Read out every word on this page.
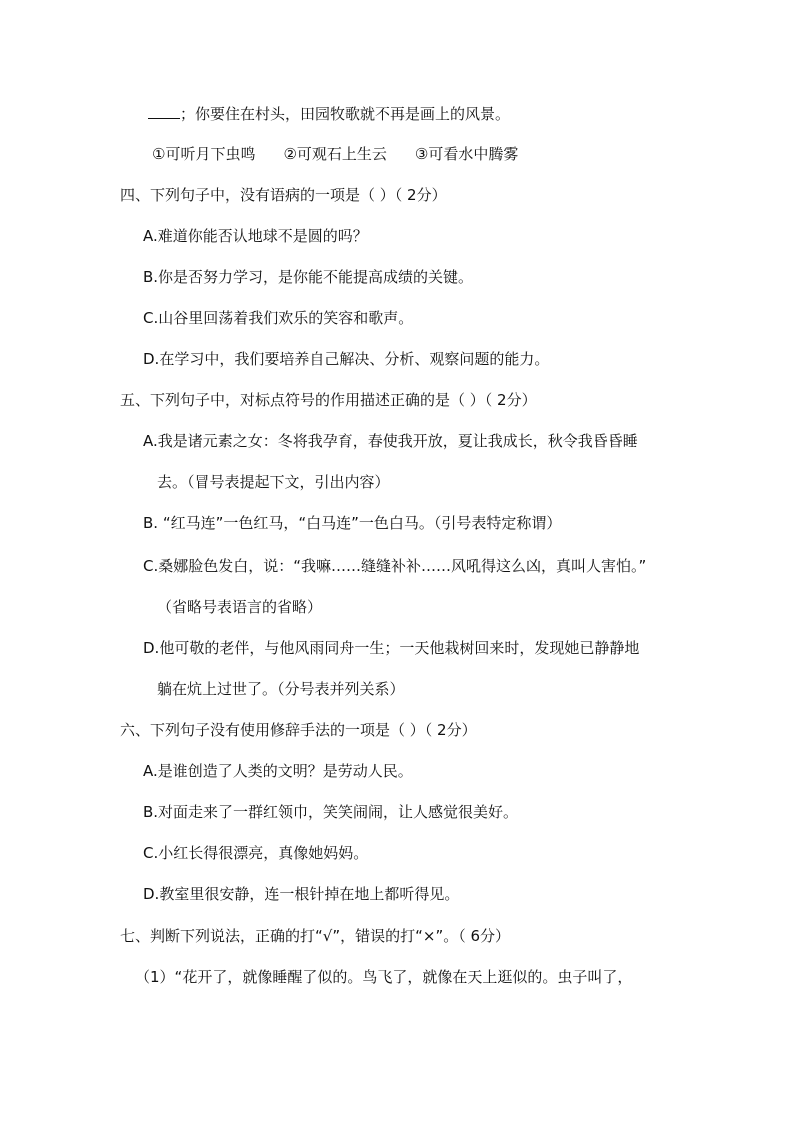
；你要住在村头，田园牧歌就不再是画上的风景。
①可听月下虫鸣 ②可观石上生云 ③可看水中腾雾
四、下列句子中，没有语病的一项是（ ）（ 2分）
A.难道你能否认地球不是圆的吗？
B.你是否努力学习，是你能不能提高成绩的关键。
C.山谷里回荡着我们欢乐的笑容和歌声。
D.在学习中，我们要培养自己解决、分析、观察问题的能力。
五、下列句子中，对标点符号的作用描述正确的是（ ）（ 2分）
A.我是诸元素之女：冬将我孕育，春使我开放，夏让我成长，秋令我昏昏睡
去。（冒号表提起下文，引出内容）
B. “红马连”一色红马，“白马连”一色白马。（引号表特定称谓）
C.桑娜脸色发白，说：“我嘛……缝缝补补……风吼得这么凶，真叫人害怕。”
（省略号表语言的省略）
D.他可敬的老伴，与他风雨同舟一生；一天他栽树回来时，发现她已静静地
躺在炕上过世了。（分号表并列关系）
六、下列句子没有使用修辞手法的一项是（ ）（ 2分）
A.是谁创造了人类的文明？是劳动人民。
B.对面走来了一群红领巾，笑笑闹闹，让人感觉很美好。
C.小红长得很漂亮，真像她妈妈。
D.教室里很安静，连一根针掉在地上都听得见。
七、判断下列说法，正确的打“√”，错误的打“×”。（ 6分）
（1）“花开了，就像睡醒了似的。鸟飞了，就像在天上逛似的。虫子叫了，
